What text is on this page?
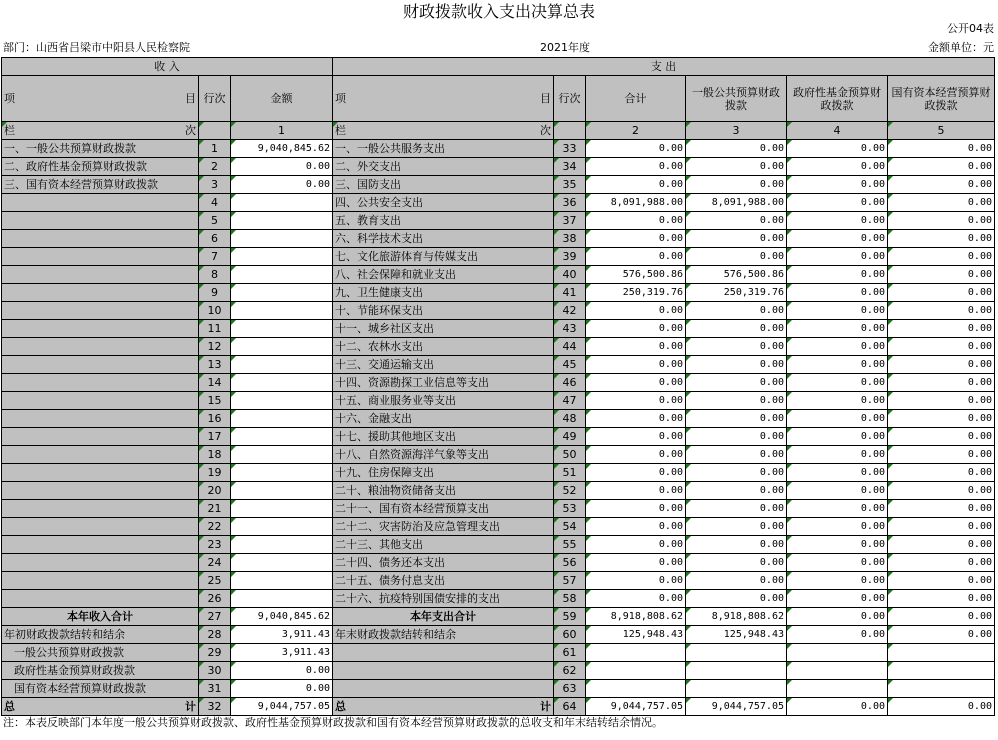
财政拨款收入支出决算总表
公开04表
部门：山西省吕梁市中阳县人民检察院	2021年度	金额单位：元
收 入			支 出					

项 目	行次	金额	项 目	行次	合计	一般公共预算财政拨款	政府性基金预算财政拨款	国有资本经营预算财政拨款

栏 次		1	栏 次		2	3	4	5
一、一般公共预算财政拨款	1	9,040,845.62	一、一般公共服务支出	33	0.00	0.00	0.00	0.00
二、政府性基金预算财政拨款	2	0.00	二、外交支出	34	0.00	0.00	0.00	0.00
三、国有资本经营预算财政拨款	3	0.00	三、国防支出	35	0.00	0.00	0.00	0.00
	4		四、公共安全支出	36	8,091,988.00	8,091,988.00	0.00	0.00
	5		五、教育支出	37	0.00	0.00	0.00	0.00
	6		六、科学技术支出	38	0.00	0.00	0.00	0.00
	7		七、文化旅游体育与传媒支出	39	0.00	0.00	0.00	0.00
	8		八、社会保障和就业支出	40	576,500.86	576,500.86	0.00	0.00
	9		九、卫生健康支出	41	250,319.76	250,319.76	0.00	0.00
	10		十、节能环保支出	42	0.00	0.00	0.00	0.00
	11		十一、城乡社区支出	43	0.00	0.00	0.00	0.00
	12		十二、农林水支出	44	0.00	0.00	0.00	0.00
	13		十三、交通运输支出	45	0.00	0.00	0.00	0.00
	14		十四、资源勘探工业信息等支出	46	0.00	0.00	0.00	0.00
	15		十五、商业服务业等支出	47	0.00	0.00	0.00	0.00
	16		十六、金融支出	48	0.00	0.00	0.00	0.00
	17		十七、援助其他地区支出	49	0.00	0.00	0.00	0.00
	18		十八、自然资源海洋气象等支出	50	0.00	0.00	0.00	0.00
	19		十九、住房保障支出	51	0.00	0.00	0.00	0.00
	20		二十、粮油物资储备支出	52	0.00	0.00	0.00	0.00
	21		二十一、国有资本经营预算支出	53	0.00	0.00	0.00	0.00
	22		二十二、灾害防治及应急管理支出	54	0.00	0.00	0.00	0.00
	23		二十三、其他支出	55	0.00	0.00	0.00	0.00
	24		二十四、债务还本支出	56	0.00	0.00	0.00	0.00
	25		二十五、债务付息支出	57	0.00	0.00	0.00	0.00
	26		二十六、抗疫特别国债安排的支出	58	0.00	0.00	0.00	0.00
本年收入合计	27	9,040,845.62	本年支出合计	59	8,918,808.62	8,918,808.62	0.00	0.00
年初财政拨款结转和结余	28	3,911.43	年末财政拨款结转和结余	60	125,948.43	125,948.43	0.00	0.00
一般公共预算财政拨款	29	3,911.43		61				
政府性基金预算财政拨款	30	0.00		62				
国有资本经营预算财政拨款	31	0.00		63				

总 计	32	9,044,757.05	总 计	64	9,044,757.05	9,044,757.05	0.00	0.00
注：本表反映部门本年度一般公共预算财政拨款、政府性基金预算财政拨款和国有资本经营预算财政拨款的总收支和年末结转结余情况。
